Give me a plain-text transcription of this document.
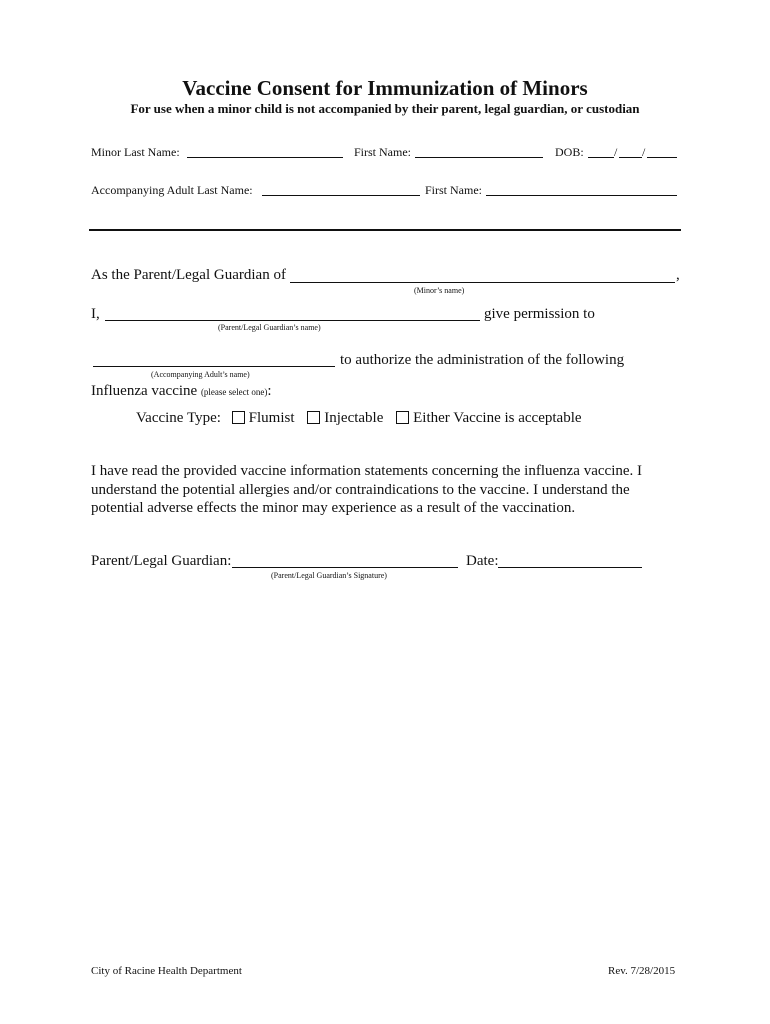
Vaccine Consent for Immunization of Minors
For use when a minor child is not accompanied by their parent, legal guardian, or custodian
Minor Last Name:	First Name:	DOB:	/ /
Accompanying Adult Last Name:	First Name:
As the Parent/Legal Guardian of	,
(Minor’s name)
I,	give permission to
(Parent/Legal Guardian’s name)
to authorize the administration of the following
(Accompanying Adult’s name)
Influenza vaccine (please select one):
Vaccine Type: Flumist Injectable Either Vaccine is acceptable
I have read the provided vaccine information statements concerning the influenza vaccine. I understand the potential allergies and/or contraindications to the vaccine. I understand the potential adverse effects the minor may experience as a result of the vaccination.
Parent/Legal Guardian:	Date:
(Parent/Legal Guardian’s Signature)
City of Racine Health Department	Rev. 7/28/2015
